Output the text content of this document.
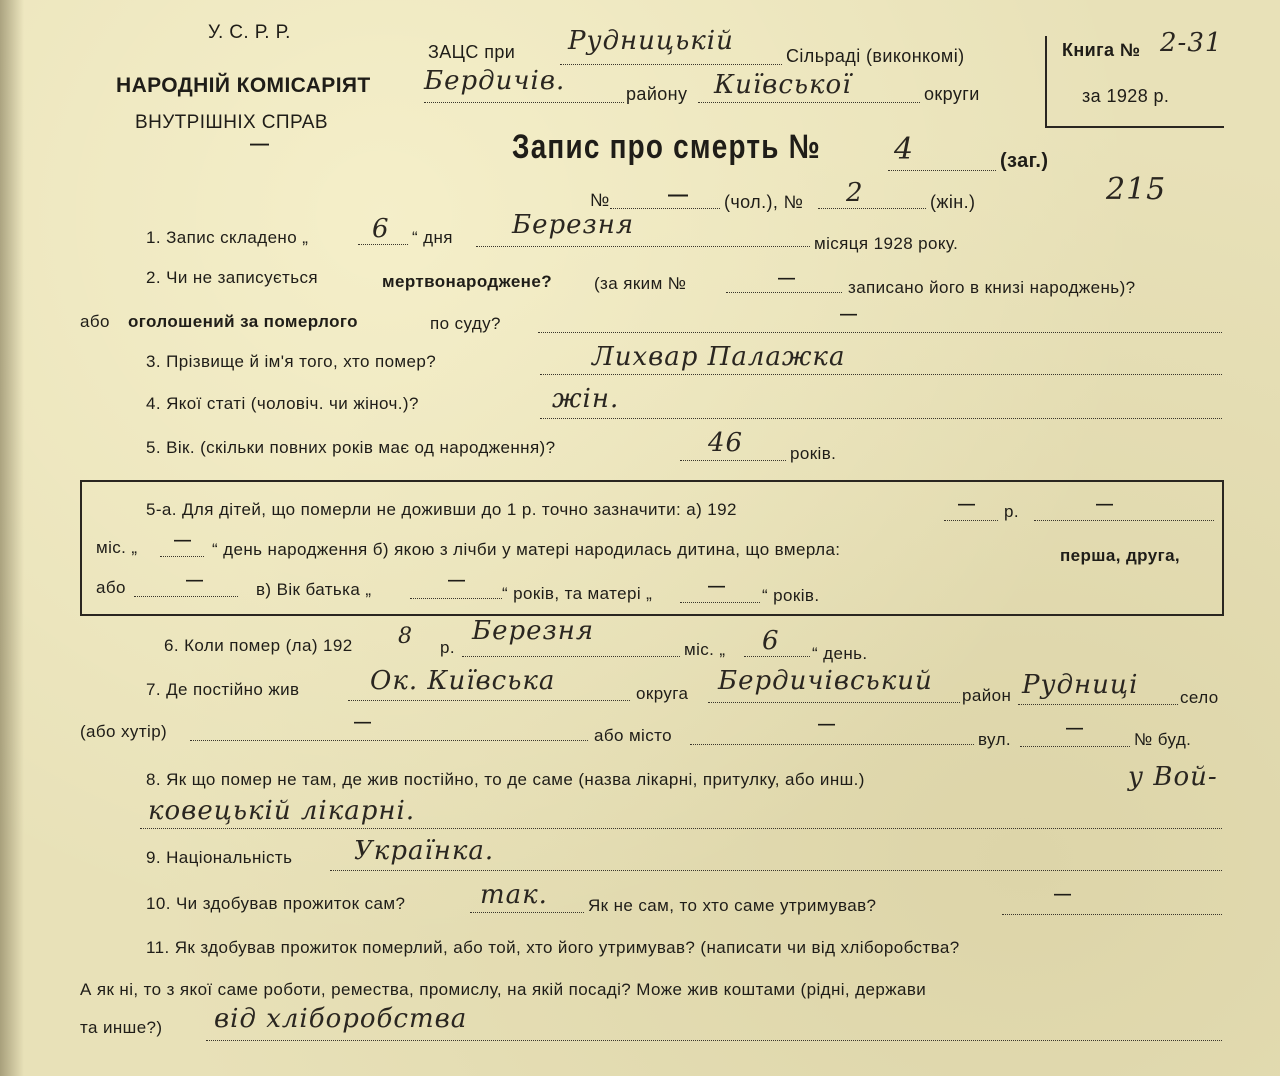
У. С. Р. Р.
НАРОДНІЙ КОМІСАРІЯТ
ВНУТРІШНІХ СПРАВ
—
ЗАЦС при Рудницькій	Сільраді (виконкомі)
Бердичів.	району Київської	округи
Книга № 2-31
за 1928 р.
Запис про смерть № 4	(заг.)
№	— (чол.), № 2	(жін.)	215
1. Запис складено „ 6 “ дня Березня
місяця 1928 року.
2. Чи не записується	мертвонароджене? (за яким №	—
записано його в книзі народжень)?
або оголошений за померлого	по суду?
—
3. Прізвище й ім'я того, хто помер?	Лихвар Палажка
4. Якої статі (чоловіч. чи жіноч.)?	жін.
5. Вік. (скільки повних років має од народження)?	46	років.
5-а. Для дітей, що померли не доживши до 1 р. точно зазначити: а) 192	— р.	—
міс. „ —
“ день народження б) якою з лічби у матері народилась дитина, що вмерла:	перша, друга,
або	—
в) Вік батька „
—
“ років, та матері „	—
“ років.
6. Коли помер (ла) 192 8 р.
Березня
міс. „ 6 “ день.
7. Де постійно жив	Ок. Київська	округа Бердичівський район Рудниці село
(або хутір)
—
або місто
—
вул.
—
№ буд.
8. Як що помер не там, де жив постійно, то де саме (назва лікарні, притулку, або инш.)	у Вой-
ковецькій лікарні.
9. Національність Українка.
10. Чи здобував прожиток сам?	так. Як не сам, то хто саме утримував?
—
11. Як здобував прожиток померлий, або той, хто його утримував? (написати чи від хліборобства?
А як ні, то з якої саме роботи, ремества, промислу, на якій посаді? Може жив коштами (рідні, держави
та инше?) від хліборобства
